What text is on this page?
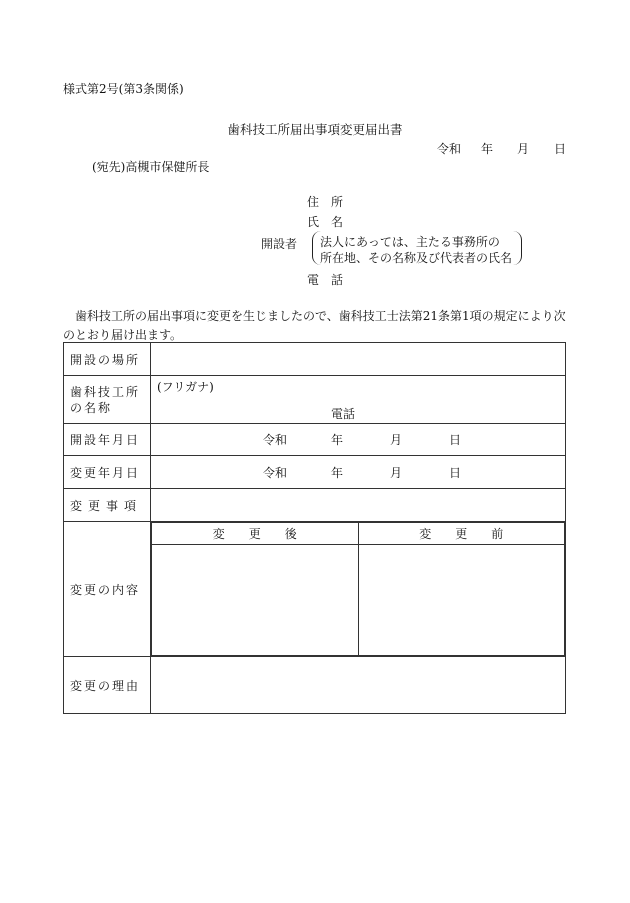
様式第2号(第3条関係)
歯科技工所届出事項変更届出書
令和	年	月	日
(宛先)高槻市保健所長
住　所
氏　名
開設者 法人にあっては、主たる事務所の
所在地、その名称及び代表者の氏名
電　話
歯科技工所の届出事項に変更を生じましたので、歯科技工士法第21条第1項の規定により次のとおり届け出ます。
開設の場所	

歯科技工所
の名称

(フリガナ)
電話

開設年月日	令和	年	月	日

変更年月日	令和	年	月	日

変更事項	
変更の内容	
変　　更　　後	変　　更　　前

変更の理由	
